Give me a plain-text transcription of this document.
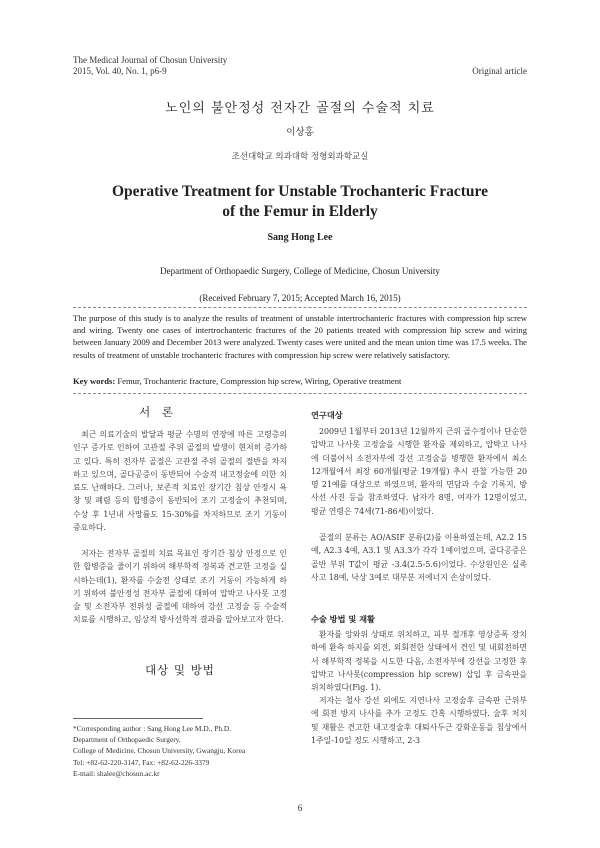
The Medical Journal of Chosun University
2015, Vol. 40, No. 1, p6-9	Original article
노인의 불안정성 전자간 골절의 수술적 치료
이상홍
조선대학교 의과대학 정형외과학교실
Operative Treatment for Unstable Trochanteric Fracture
of the Femur in Elderly
Sang Hong Lee
Department of Orthopaedic Surgery, College of Medicine, Chosun University
(Received February 7, 2015; Accepted March 16, 2015)
The purpose of this study is to analyze the results of treatment of unstable intertrochanteric fractures with compression hip screw and wiring. Twenty one cases of intertrochanteric fractures of the 20 patients treated with compression hip screw and wiring between January 2009 and December 2013 were analyzed. Twenty cases were united and the mean union time was 17.5 weeks. The results of treatment of unstable trochanteric fractures with compression hip screw were relatively satisfactory.
Key words: Femur, Trochanteric fracture, Compression hip screw, Wiring, Operative treatment
서 론
최근 의료기술의 발달과 평균 수명의 연장에 따른 고령층의 인구 증가로 인하여 고관절 주위 골절의 발생이 현저히 증가하고 있다. 특히 전자부 골절은 고관절 주위 골절의 절반을 차지하고 있으며, 골다공증이 동반되어 수술적 내고정술에 의한 치료도 난해하다. 그러나, 보존적 치료인 장기간 침상 안정시 욕창 및 폐렴 등의 합병증이 동반되어 조기 고정술이 추천되며, 수상 후 1년내 사망률도 15-30%를 차지하므로 조기 기동이 중요하다.
저자는 전자부 골절의 치료 목표인 장기간 침상 안정으로 인한 합병증을 줄이기 위하여 해부학적 정복과 견고한 고정을 실시하는데(1), 환자를 수술전 상태로 조기 거동이 가능하게 하기 위하여 불안정성 전자부 골절에 대하여 압박고 나사못 고정술 및 소전자부 전위성 골절에 대하여 강선 고정술 등 수술적 치료를 시행하고, 임상적 방사선학적 결과를 알아보고자 한다.
대상 및 방법
*Corresponding author : Sang Hong Lee M.D., Ph.D.
Department of Orthopaedic Surgery,
College of Medicine, Chosun University, Gwangju, Korea
Tel: +82-62-220-3147, Fax: +82-62-226-3379
E-mail: shalee@chosun.ac.kr
연구대상
2009년 1월부터 2013년 12월까지 근위 골수정이나 단순한 압박고 나사못 고정술을 시행한 환자를 제외하고, 압박고 나사에 더불어서 소전자부에 강선 고정술을 병행한 환자에서 최소 12개월에서 최장 60개월(평균 19개월) 추시 관찰 가능한 20명 21예를 대상으로 하였으며, 환자의 면담과 수술 기록지, 방사선 사진 등을 참조하였다. 남자가 8명, 여자가 12명이었고, 평균 연령은 74세(71-86세)이었다.
골절의 분류는 AO/ASIF 분류(2)를 이용하였는데, A2.2 15예, A2.3 4예, A3.1 및 A3.3가 각각 1예이었으며, 골다공증은 골반 부위 T값이 평균 -3.4(2.5-5.6)이었다. 수상원인은 실족사고 18예, 낙상 3예로 대부분 저에너지 손상이었다.
수술 방법 및 재활
환자를 앙와위 상태로 위치하고, 피부 절개후 영상증폭 장치하에 환측 하지를 외전, 외회전한 상태에서 견인 및 내회전하면서 해부학적 정복을 시도한 다음, 소전자부에 강선을 고정한 후 압박고 나사못(compression hip screw) 삽입 후 금속판을 위치하였다(Fig. 1).
저자는 철사 강선 외에도 지연나사 고정술후 금속판 근위부에 회전 방지 나사를 추가 고정도 간혹 시행하였다. 술후 처치 및 재활은 견고한 내고정술후 대퇴사두근 강화운동을 침상에서 1주일-10일 정도 시행하고, 2-3
6
